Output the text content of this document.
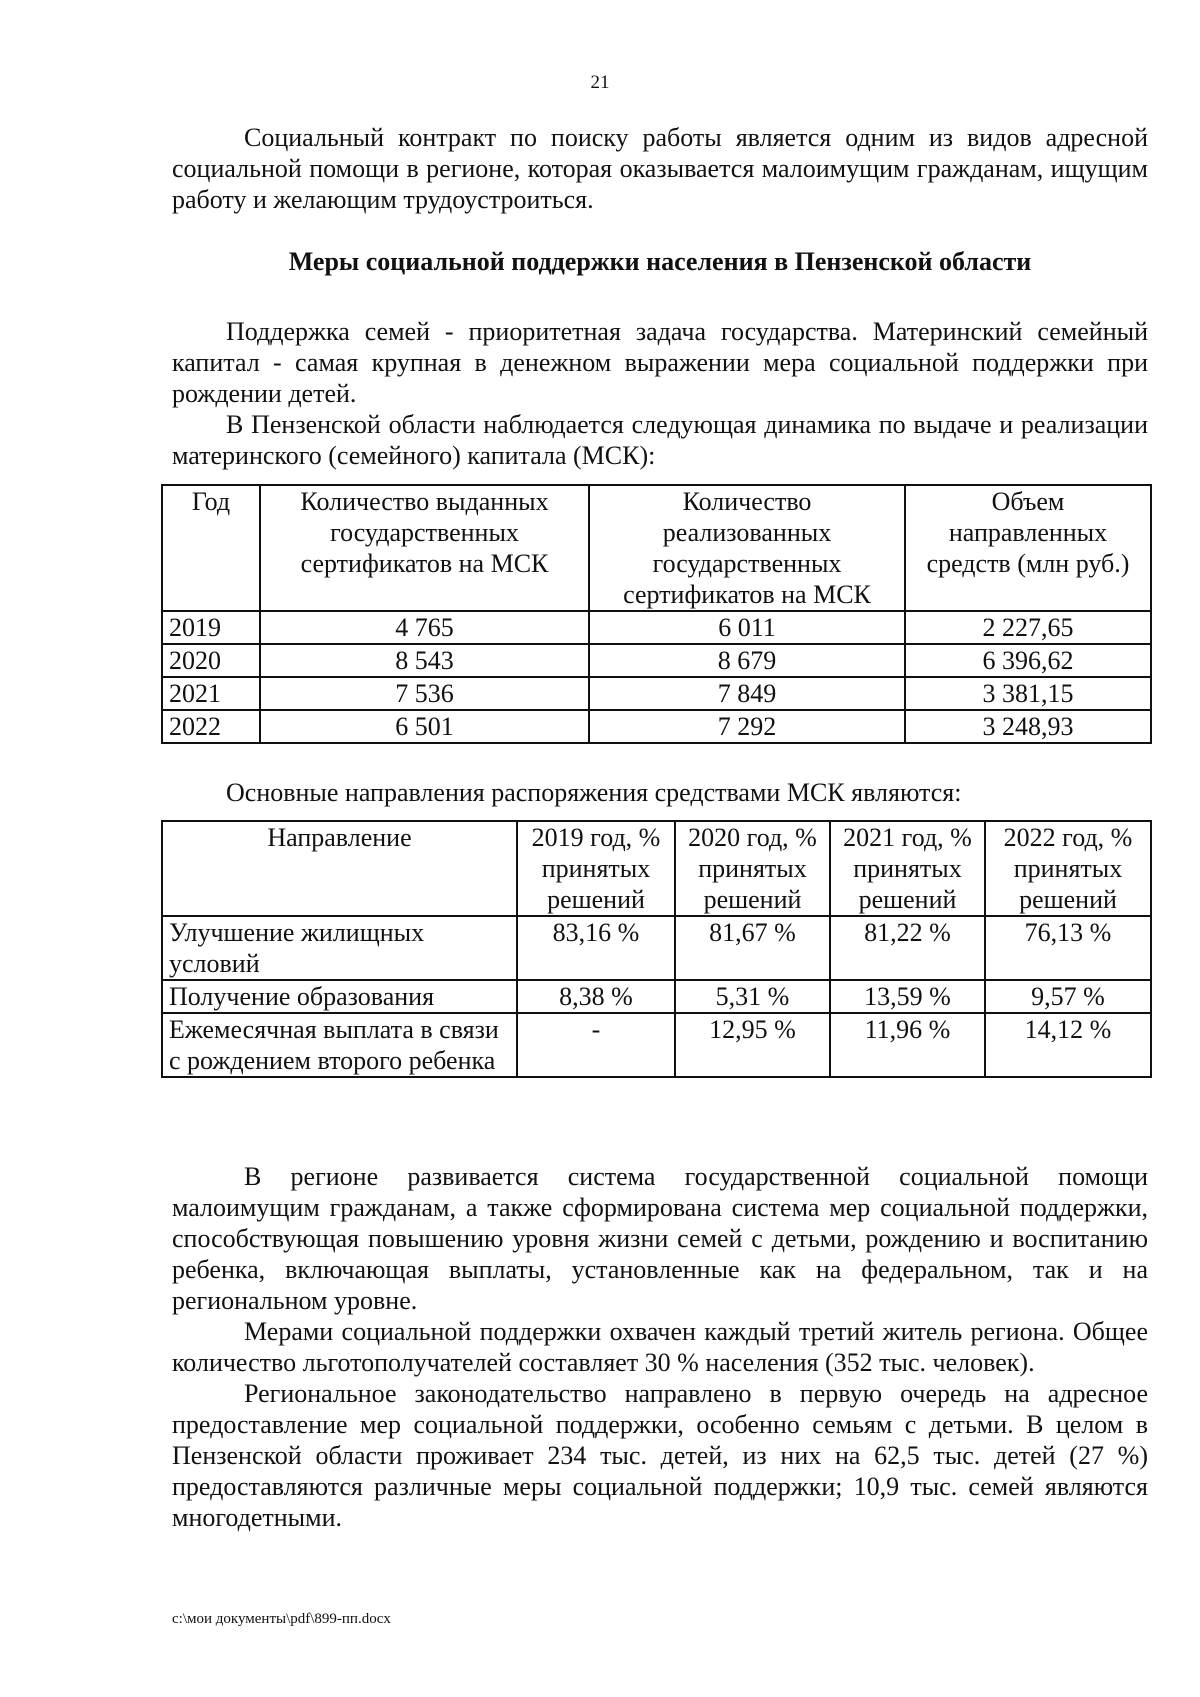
21

Социальный контракт по поиску работы является одним из видов адресной социальной помощи в регионе, которая оказывается малоимущим гражданам, ищущим работу и желающим трудоустроиться.

Меры социальной поддержки населения в Пензенской области

Поддержка семей - приоритетная задача государства. Материнский семейный капитал - самая крупная в денежном выражении мера социальной поддержки при рождении детей.

В Пензенской области наблюдается следующая динамика по выдаче и реализации материнского (семейного) капитала (МСК):

Год	Количество выданных государственных сертификатов на МСК	Количество реализованных государственных сертификатов на МСК	Объем направленных средств (млн руб.)
2019	4 765	6 011	2 227,65
2020	8 543	8 679	6 396,62
2021	7 536	7 849	3 381,15
2022	6 501	7 292	3 248,93

Основные направления распоряжения средствами МСК являются:

Направление	2019 год, % принятых решений	2020 год, % принятых решений	2021 год, % принятых решений	2022 год, % принятых решений
Улучшение жилищных условий	83,16 %	81,67 %	81,22 %	76,13 %
Получение образования	8,38 %	5,31 %	13,59 %	9,57 %
Ежемесячная выплата в связи с рождением второго ребенка	-	12,95 %	11,96 %	14,12 %

В регионе развивается система государственной социальной помощи малоимущим гражданам, а также сформирована система мер социальной поддержки, способствующая повышению уровня жизни семей с детьми, рождению и воспитанию ребенка, включающая выплаты, установленные как на федеральном, так и на региональном уровне.

Мерами социальной поддержки охвачен каждый третий житель региона. Общее количество льготополучателей составляет 30 % населения (352 тыс. человек).

Региональное законодательство направлено в первую очередь на адресное предоставление мер социальной поддержки, особенно семьям с детьми. В целом в Пензенской области проживает 234 тыс. детей, из них на 62,5 тыс. детей (27 %) предоставляются различные меры социальной поддержки; 10,9 тыс. семей являются многодетными.

c:\мои документы\pdf\899-пп.docx
